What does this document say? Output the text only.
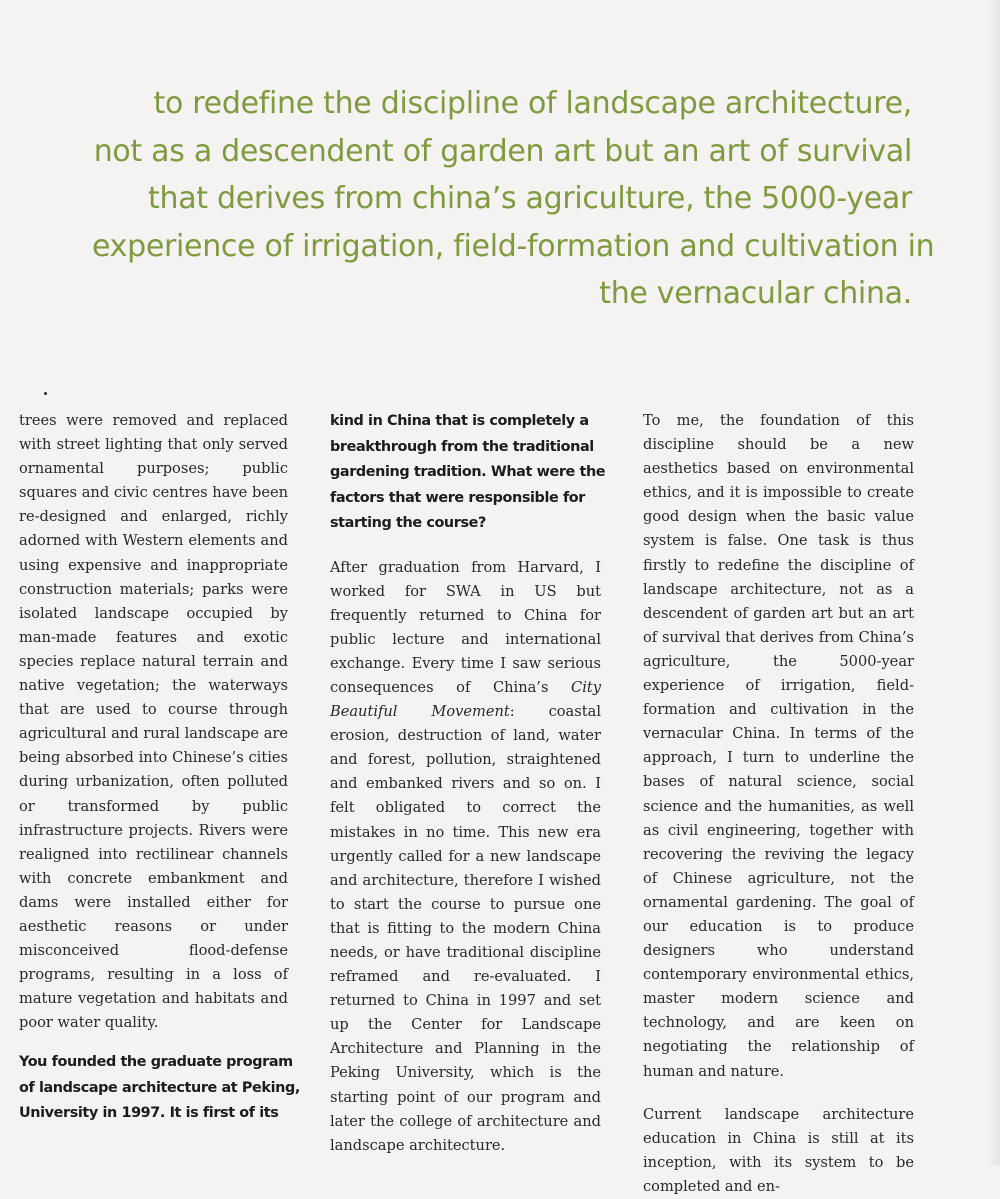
to redefine the discipline of landscape architecture,
not as a descendent of garden art but an art of survival
that derives from china’s agriculture, the 5000-year
experience of irrigation, field-formation and cultivation in
the vernacular china.

trees were removed and replaced with street lighting that only served ornamental purposes; public squares and civic centres have been re-designed and enlarged, richly adorned with Western elements and using expensive and inappropriate construction materials; parks were isolated landscape occupied by man-made features and exotic species replace natural terrain and native vegetation; the waterways that are used to course through agricultural and rural landscape are being absorbed into Chinese’s cities during urbanization, often polluted or transformed by public infrastructure projects. Rivers were realigned into rectilinear channels with concrete embankment and dams were installed either for aesthetic reasons or under misconceived flood-defense programs, resulting in a loss of mature vegetation and habitats and poor water quality.

You founded the graduate program
of landscape architecture at Peking,
University in 1997. It is first of its
kind in China that is completely a
breakthrough from the traditional
gardening tradition. What were the
factors that were responsible for
starting the course?

After graduation from Harvard, I worked for SWA in US but frequently returned to China for public lecture and international exchange. Every time I saw serious consequences of China’s City Beautiful Movement: coastal erosion, destruction of land, water and forest, pollution, straightened and embanked rivers and so on. I felt obligated to correct the mistakes in no time. This new era urgently called for a new landscape and architecture, therefore I wished to start the course to pursue one that is fitting to the modern China needs, or have traditional discipline reframed and re-evaluated. I returned to China in 1997 and set up the Center for Landscape Architecture and Planning in the Peking University, which is the starting point of our program and later the college of architecture and landscape architecture.

To me, the foundation of this discipline should be a new aesthetics based on environmental ethics, and it is impossible to create good design when the basic value system is false. One task is thus firstly to redefine the discipline of landscape architecture, not as a descendent of garden art but an art of survival that derives from China’s agriculture, the 5000-year experience of irrigation, field-formation and cultivation in the vernacular China. In terms of the approach, I turn to underline the bases of natural science, social science and the humanities, as well as civil engineering, together with recovering the reviving the legacy of Chinese agriculture, not the ornamental gardening. The goal of our education is to produce designers who understand contemporary environmental ethics, master modern science and technology, and are keen on negotiating the relationship of human and nature.

Current landscape architecture education in China is still at its inception, with its system to be completed and en-
